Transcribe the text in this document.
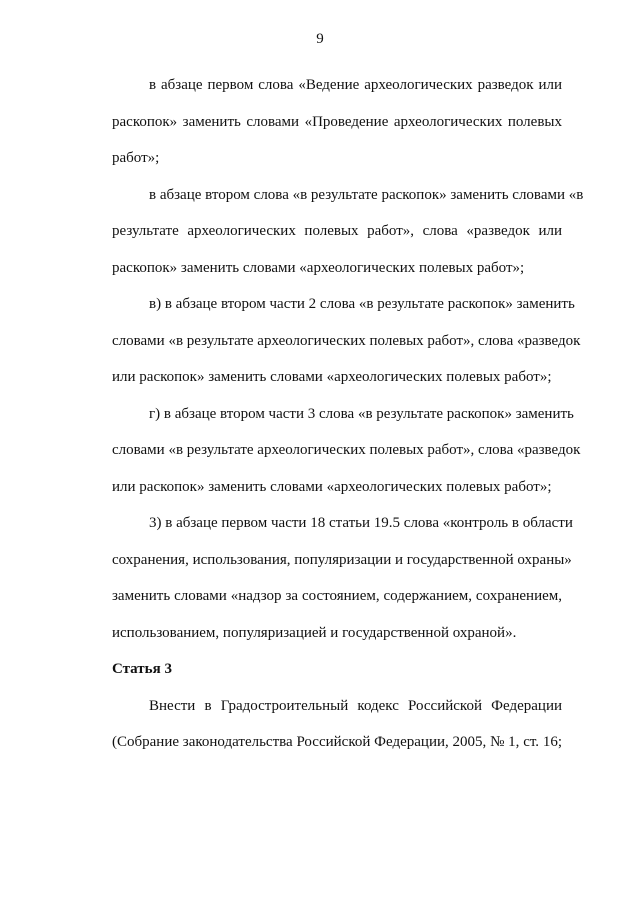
9

в абзаце первом слова «Ведение археологических разведок или
раскопок» заменить словами «Проведение археологических полевых
работ»;

в абзаце втором слова «в результате раскопок» заменить словами «в
результате археологических полевых работ», слова «разведок или
раскопок» заменить словами «археологических полевых работ»;

в) в абзаце втором части 2 слова «в результате раскопок» заменить
словами «в результате археологических полевых работ», слова «разведок
или раскопок» заменить словами «археологических полевых работ»;

г) в абзаце втором части 3 слова «в результате раскопок» заменить
словами «в результате археологических полевых работ», слова «разведок
или раскопок» заменить словами «археологических полевых работ»;

3) в абзаце первом части 18 статьи 19.5 слова «контроль в области
сохранения, использования, популяризации и государственной охраны»
заменить словами «надзор за состоянием, содержанием, сохранением,
использованием, популяризацией и государственной охраной».

Статья 3

Внести в Градостроительный кодекс Российской Федерации
(Собрание законодательства Российской Федерации, 2005, № 1, ст. 16;
